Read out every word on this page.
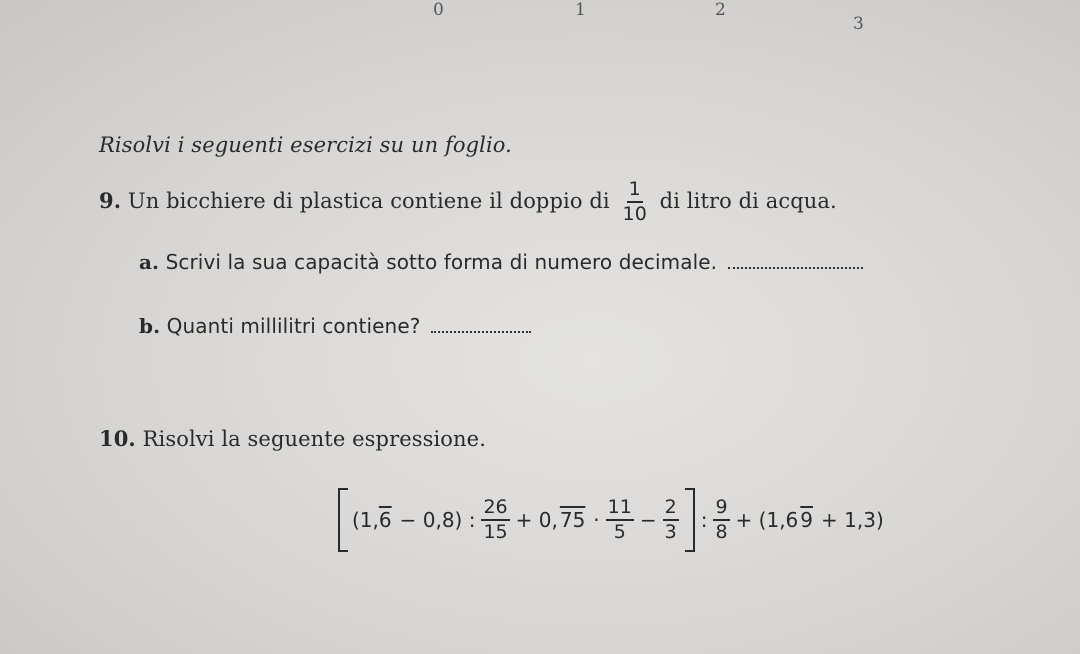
0	1	2
3
Risolvi i seguenti esercizi su un foglio.
9. Un bicchiere di plastica contiene il doppio di $\frac{1}{10}$ di litro di acqua.
a. Scrivi la sua capacità sotto forma di numero decimale.
b. Quanti millilitri contiene?
10. Risolvi la seguente espressione.
(1, 6 − 0,8) : $\frac{26}{15} + 0$, $75 \cdot \frac{11}{5} - \frac{2}{3}$ : $\frac{9}{8} + (1,6$ 9 + 1,3)
